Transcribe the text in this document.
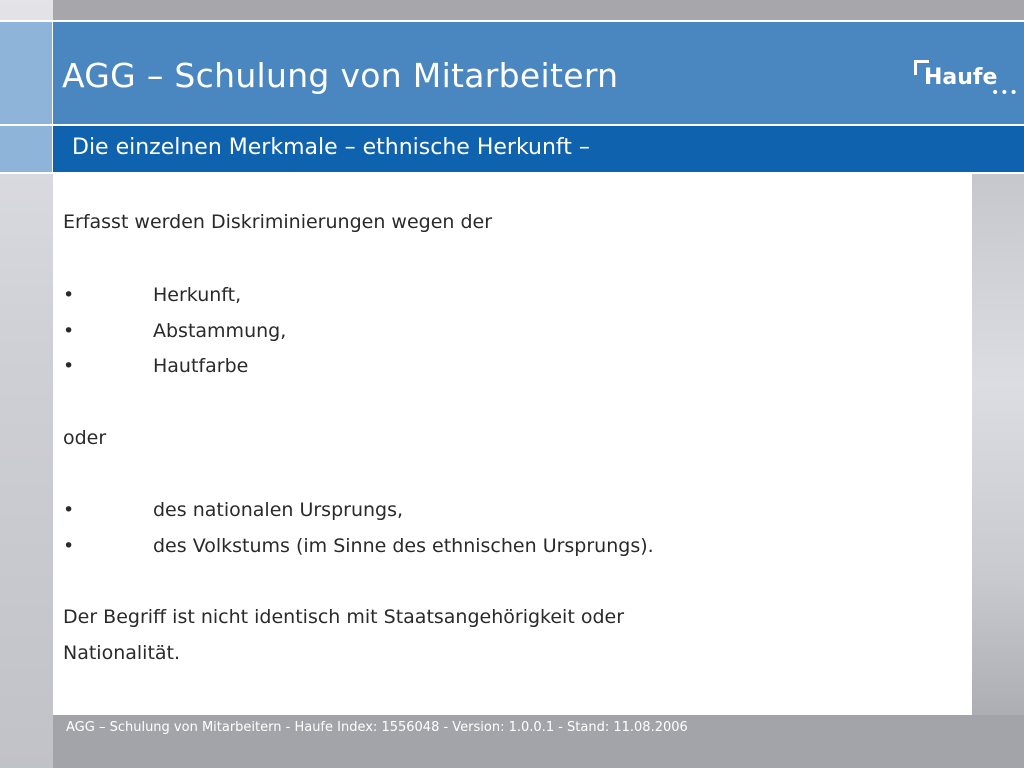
AGG – Schulung von Mitarbeitern	Haufe
•••
Die einzelnen Merkmale – ethnische Herkunft –
Erfasst werden Diskriminierungen wegen der
•	Herkunft,
•	Abstammung,
•	Hautfarbe
oder
•	des nationalen Ursprungs,
•	des Volkstums (im Sinne des ethnischen Ursprungs).
Der Begriff ist nicht identisch mit Staatsangehörigkeit oder
Nationalität.
AGG – Schulung von Mitarbeitern - Haufe Index: 1556048 - Version: 1.0.0.1 - Stand: 11.08.2006
